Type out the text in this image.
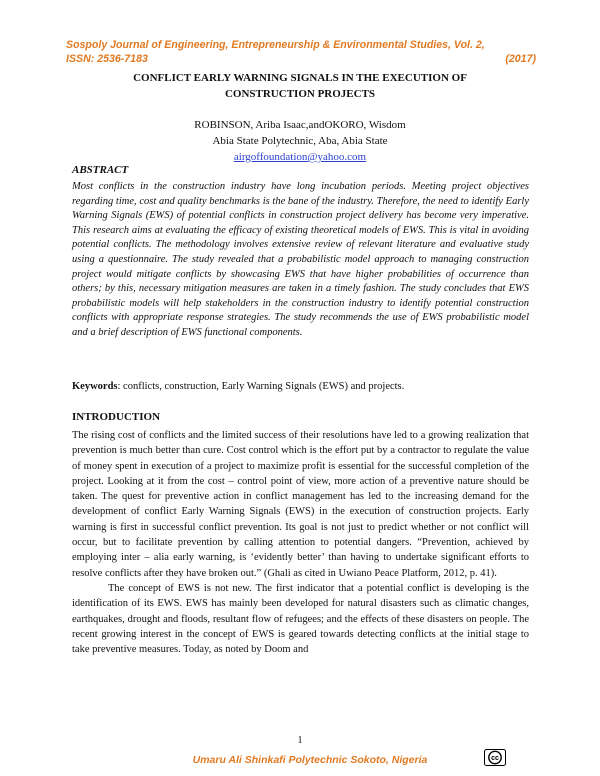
Sospoly Journal of Engineering, Entrepreneurship & Environmental Studies, Vol. 2,
ISSN: 2536-7183	(2017)
CONFLICT EARLY WARNING SIGNALS IN THE EXECUTION OF
CONSTRUCTION PROJECTS
ROBINSON, Ariba Isaac,andOKORO, Wisdom
Abia State Polytechnic, Aba, Abia State
airgoffoundation@yahoo.com
ABSTRACT

Most conflicts in the construction industry have long incubation periods. Meeting project objectives regarding time, cost and quality benchmarks is the bane of the industry. Therefore, the need to identify Early Warning Signals (EWS) of potential conflicts in construction project delivery has become very imperative. This research aims at evaluating the efficacy of existing theoretical models of EWS. This is vital in avoiding potential conflicts. The methodology involves extensive review of relevant literature and evaluative study using a questionnaire. The study revealed that a probabilistic model approach to managing construction project would mitigate conflicts by showcasing EWS that have higher probabilities of occurrence than others; by this, necessary mitigation measures are taken in a timely fashion. The study concludes that EWS probabilistic models will help stakeholders in the construction industry to identify potential construction conflicts with appropriate response strategies. The study recommends the use of EWS probabilistic model and a brief description of EWS functional components.

Keywords: conflicts, construction, Early Warning Signals (EWS) and projects.
INTRODUCTION

The rising cost of conflicts and the limited success of their resolutions have led to a growing realization that prevention is much better than cure. Cost control which is the effort put by a contractor to regulate the value of money spent in execution of a project to maximize profit is essential for the successful completion of the project. Looking at it from the cost – control point of view, more action of a preventive nature should be taken. The quest for preventive action in conflict management has led to the increasing demand for the development of conflict Early Warning Signals (EWS) in the execution of construction projects. Early warning is first in successful conflict prevention. Its goal is not just to predict whether or not conflict will occur, but to facilitate prevention by calling attention to potential dangers. “Prevention, achieved by employing inter – alia early warning, is ‘evidently better’ than having to undertake significant efforts to resolve conflicts after they have broken out.” (Ghali as cited in Uwiano Peace Platform, 2012, p. 41).

The concept of EWS is not new. The first indicator that a potential conflict is developing is the identification of its EWS. EWS has mainly been developed for natural disasters such as climatic changes, earthquakes, drought and floods, resultant flow of refugees; and the effects of these disasters on people. The recent growing interest in the concept of EWS is geared towards detecting conflicts at the initial stage to take preventive measures. Today, as noted by Doom and

1
Umaru Ali Shinkafi Polytechnic Sokoto, Nigeria	cc
